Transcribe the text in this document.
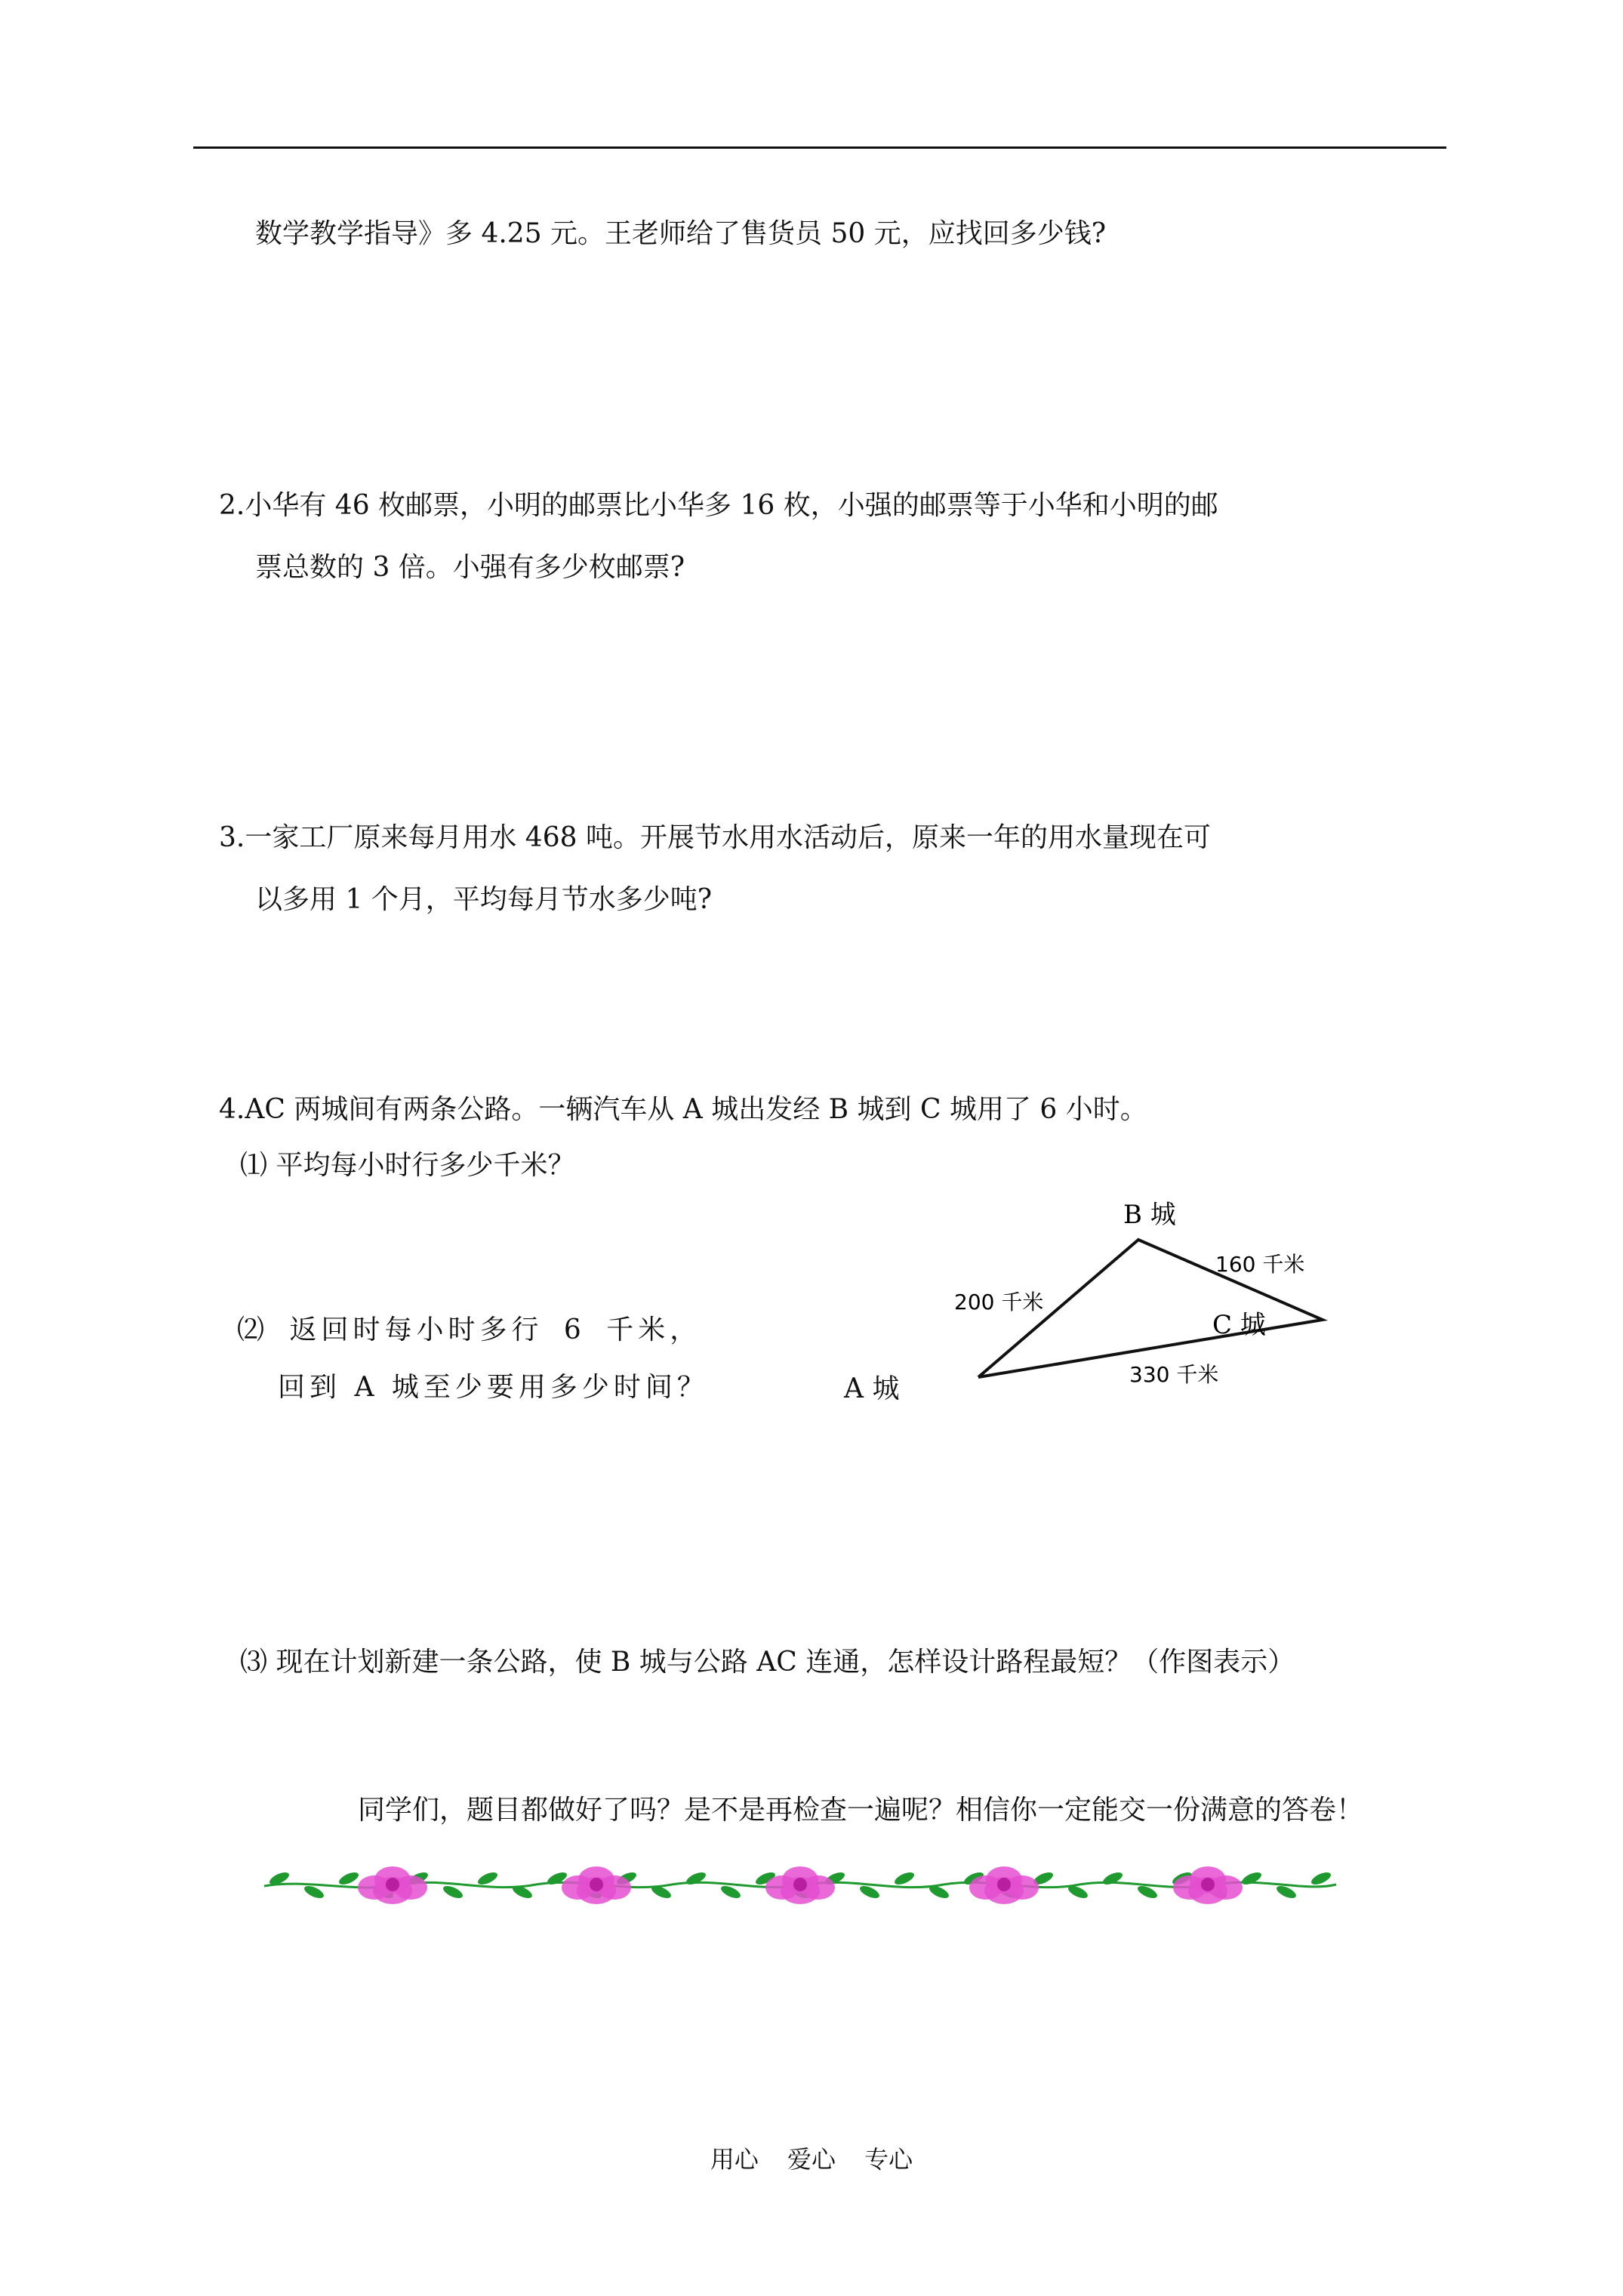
数学教学指导》多 4.25 元。王老师给了售货员 50 元，应找回多少钱?
2.小华有 46 枚邮票，小明的邮票比小华多 16 枚，小强的邮票等于小华和小明的邮
票总数的 3 倍。小强有多少枚邮票?
3.一家工厂原来每月用水 468 吨。开展节水用水活动后，原来一年的用水量现在可
以多用 1 个月，平均每月节水多少吨?
4.AC 两城间有两条公路。一辆汽车从 A 城出发经 B 城到 C 城用了 6 小时。
⑴ 平均每小时行多少千米？
⑵ 返回时每小时多行 6 千米，
回到 A 城至少要用多少时间？
B 城
160 千米
200 千米
C 城
330 千米
A 城
⑶ 现在计划新建一条公路，使 B 城与公路 AC 连通，怎样设计路程最短？（作图表示）
同学们，题目都做好了吗？是不是再检查一遍呢？相信你一定能交一份满意的答卷！
用心 爱心 专心
